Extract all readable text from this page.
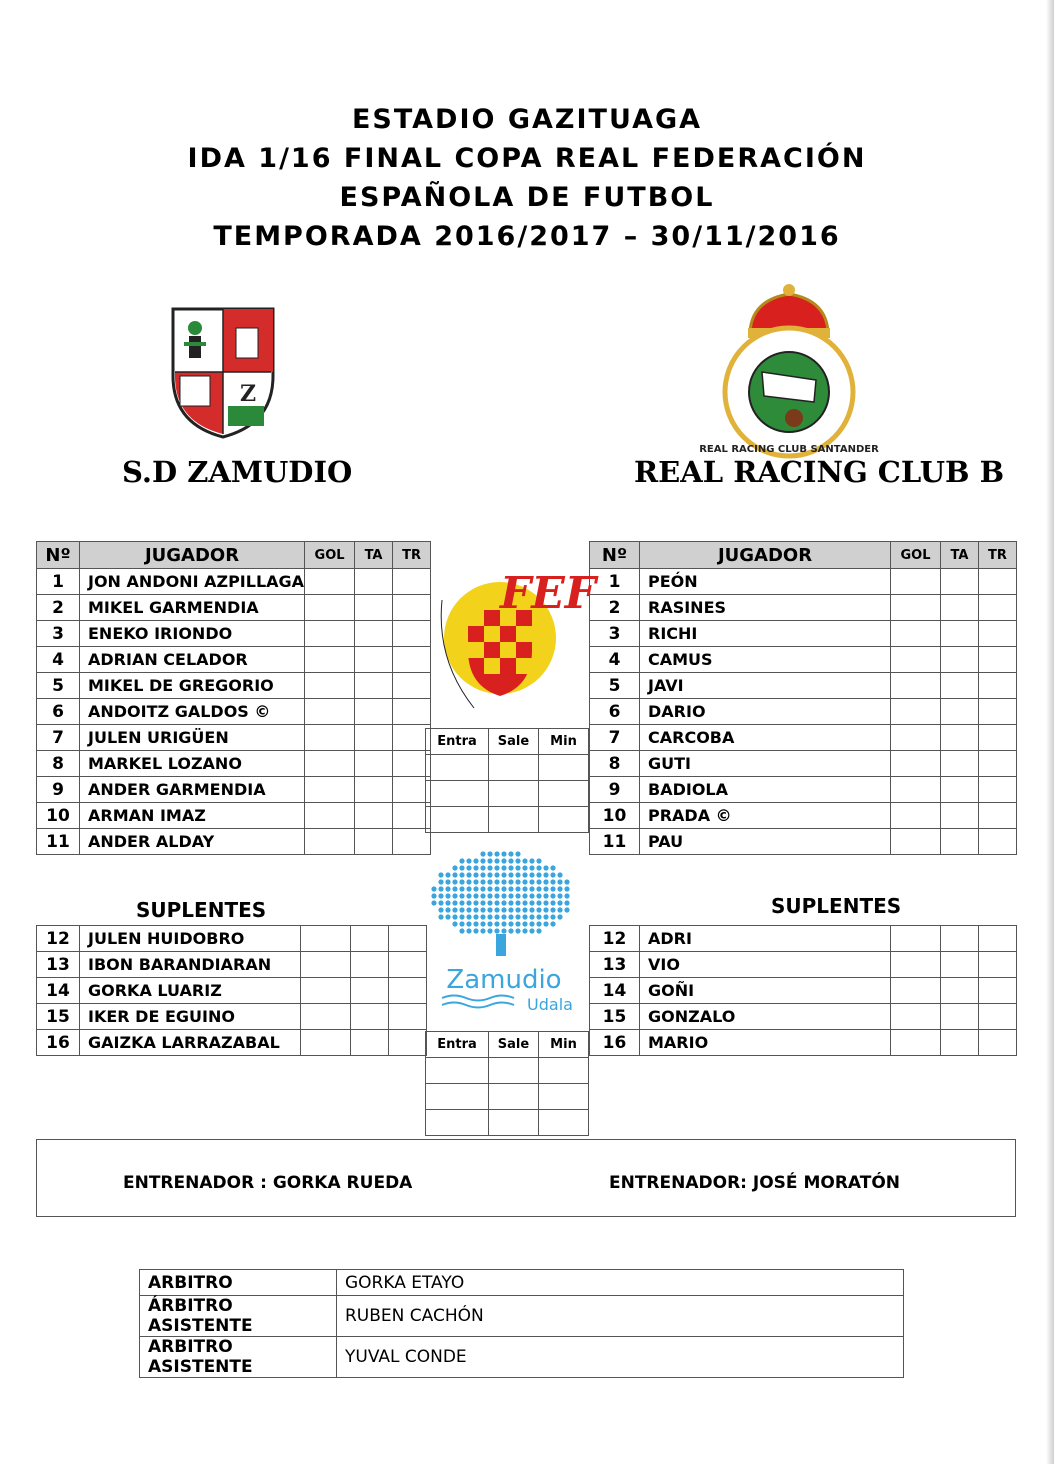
ESTADIO GAZITUAGA
IDA 1/16 FINAL COPA REAL FEDERACIÓN
ESPAÑOLA DE FUTBOL
TEMPORADA 2016/2017 – 30/11/2016
Z
REAL RACING CLUB SANTANDER
S.D ZAMUDIO	REAL RACING CLUB B
FEF
Nº	JUGADOR	GOL	TA	TR
1	JON ANDONI AZPILLAGA			
2	MIKEL GARMENDIA			
3	ENEKO IRIONDO			
4	ADRIAN CELADOR			
5	MIKEL DE GREGORIO			
6	ANDOITZ GALDOS ©			
7	JULEN URIGÜEN			
8	MARKEL LOZANO			
9	ANDER GARMENDIA			
10	ARMAN IMAZ			
11	ANDER ALDAY			
Nº	JUGADOR	GOL	TA	TR
1	PEÓN			
2	RASINES			
3	RICHI			
4	CAMUS			
5	JAVI			
6	DARIO			
7	CARCOBA			
8	GUTI			
9	BADIOLA			
10	PRADA ©			
11	PAU			
Entra	Sale	Min

SUPLENTES	SUPLENTES
Zamudio
Udala
12	JULEN HUIDOBRO			
13	IBON BARANDIARAN			
14	GORKA LUARIZ			
15	IKER DE EGUINO			
16	GAIZKA LARRAZABAL			
12	ADRI			
13	VIO			
14	GOÑI			
15	GONZALO			
16	MARIO			
Entra	Sale	Min

ENTRENADOR : GORKA RUEDA	ENTRENADOR: JOSÉ MORATÓN
ARBITRO	GORKA ETAYO
ÁRBITRO ASISTENTE	RUBEN CACHÓN
ARBITRO ASISTENTE	YUVAL CONDE
